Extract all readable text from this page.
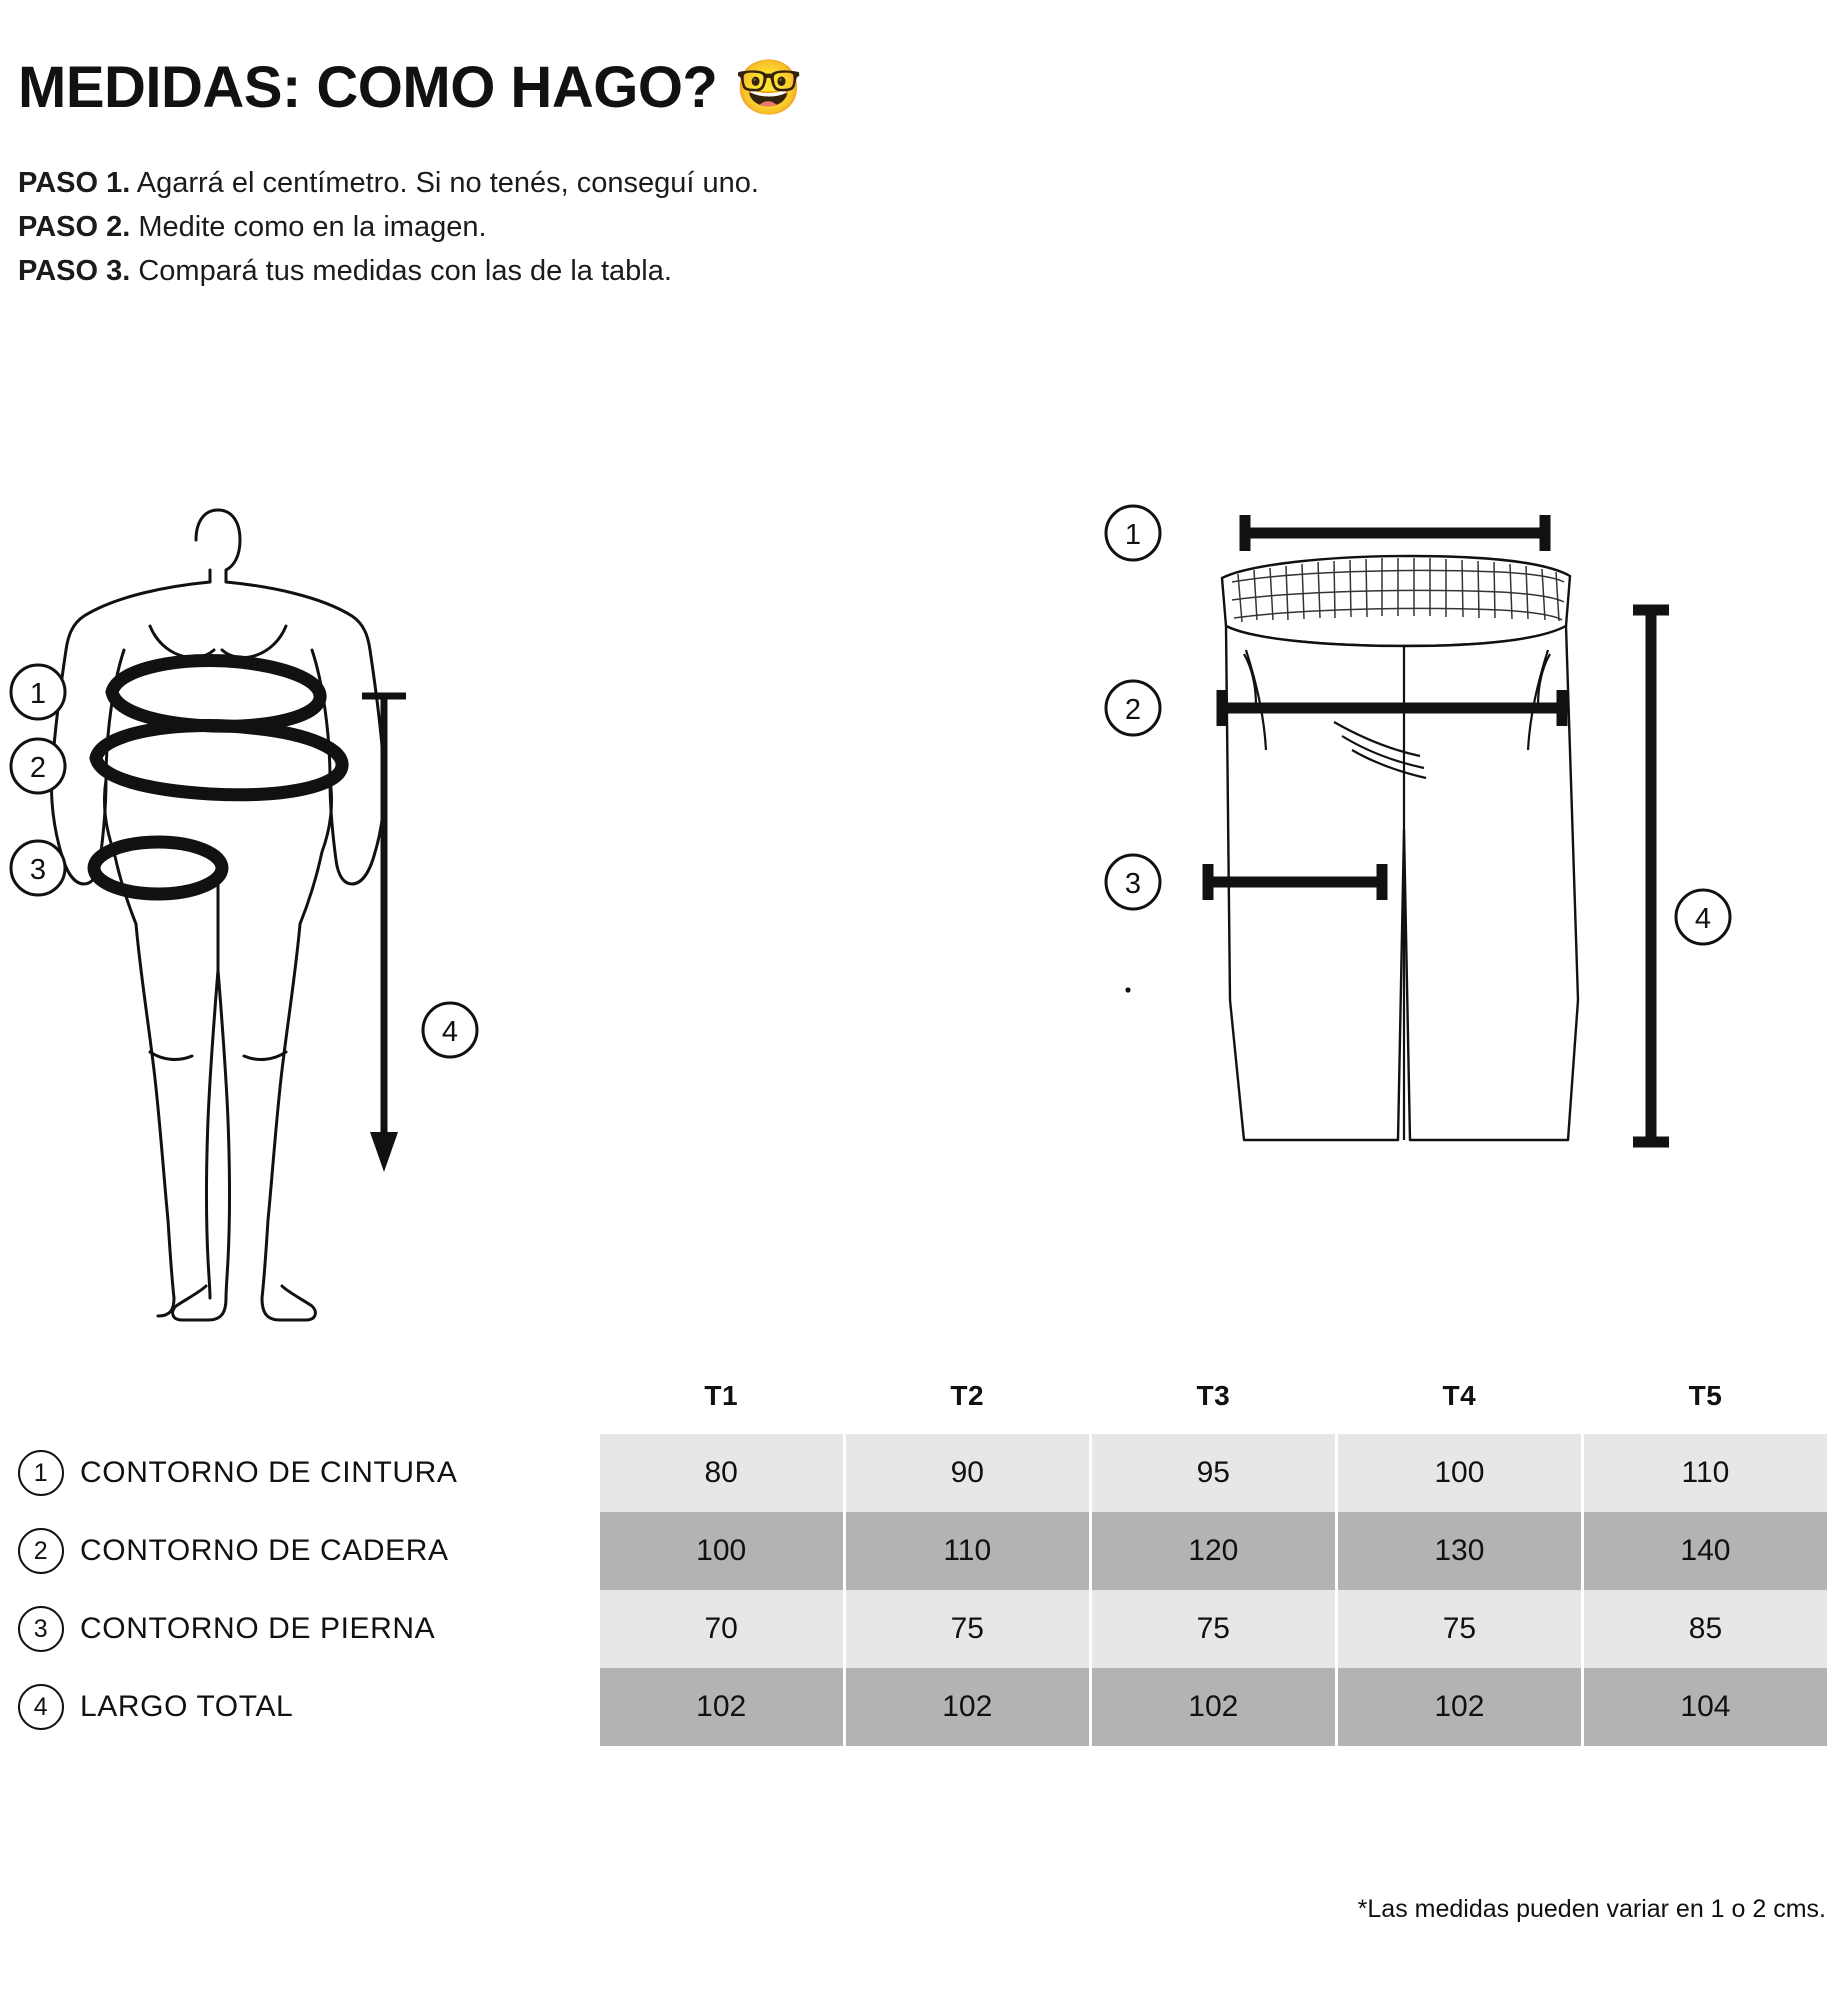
MEDIDAS: COMO HAGO? 🤓
PASO 1. Agarrá el centímetro. Si no tenés, conseguí uno.
PASO 2. Medite como en la imagen.
PASO 3. Compará tus medidas con las de la tabla.
1
2
3
4
1
2
3
4
	T1	T2	T3	T4	T5

1 CONTORNO DE CINTURA	80	90	95	100	110

2 CONTORNO DE CADERA	100	110	120	130	140

3 CONTORNO DE PIERNA	70	75	75	75	85

4 LARGO TOTAL	102	102	102	102	104
*Las medidas pueden variar en 1 o 2 cms.
